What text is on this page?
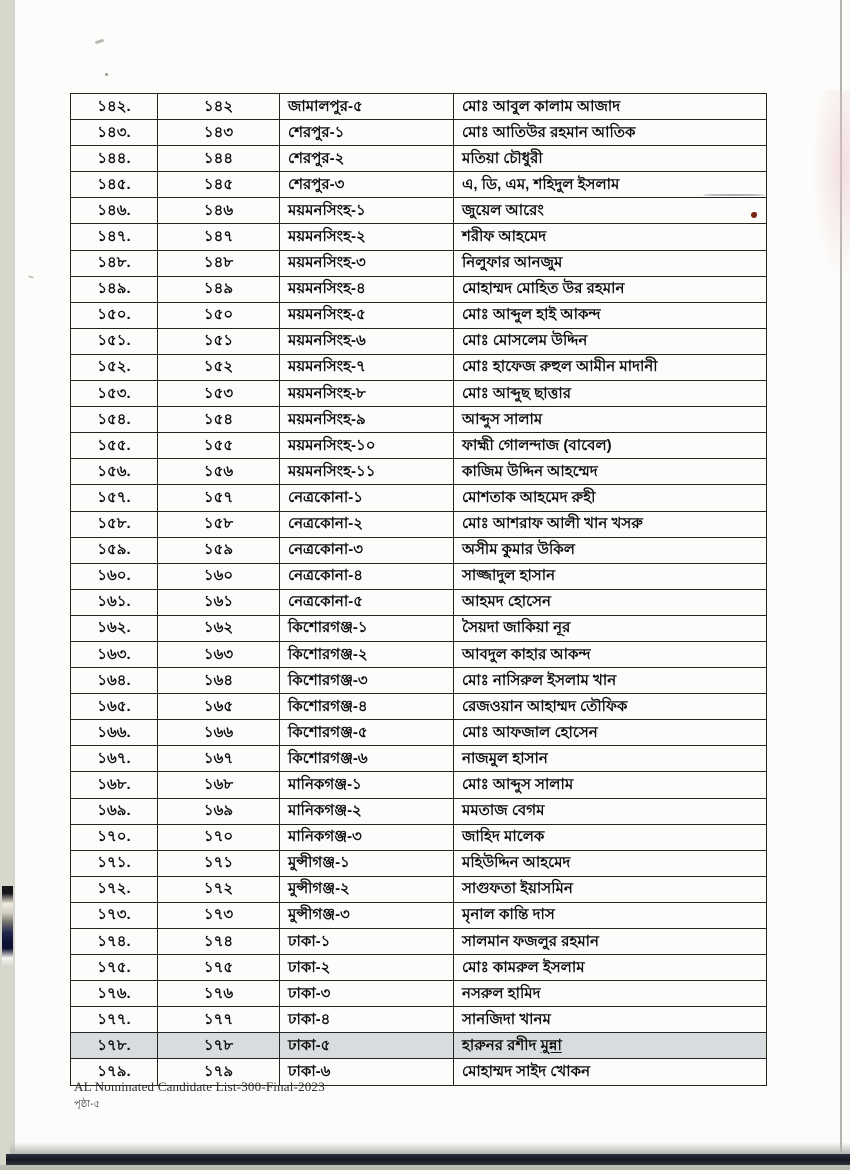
১৪২.	১৪২	জামালপুর-৫	মোঃ আবুল কালাম আজাদ
১৪৩.	১৪৩	শেরপুর-১	মোঃ আতিউর রহমান আতিক
১৪৪.	১৪৪	শেরপুর-২	মতিয়া চৌধুরী
১৪৫.	১৪৫	শেরপুর-৩	এ, ডি, এম, শহিদুল ইসলাম
১৪৬.	১৪৬	ময়মনসিংহ-১	জুয়েল আরেং
১৪৭.	১৪৭	ময়মনসিংহ-২	শরীফ আহমেদ
১৪৮.	১৪৮	ময়মনসিংহ-৩	নিলুফার আনজুম
১৪৯.	১৪৯	ময়মনসিংহ-৪	মোহাম্মদ মোহিত উর রহমান
১৫০.	১৫০	ময়মনসিংহ-৫	মোঃ আব্দুল হাই আকন্দ
১৫১.	১৫১	ময়মনসিংহ-৬	মোঃ মোসলেম উদ্দিন
১৫২.	১৫২	ময়মনসিংহ-৭	মোঃ হাফেজ রুহুল আমীন মাদানী
১৫৩.	১৫৩	ময়মনসিংহ-৮	মোঃ আব্দুছ ছাত্তার
১৫৪.	১৫৪	ময়মনসিংহ-৯	আব্দুস সালাম
১৫৫.	১৫৫	ময়মনসিংহ-১০	ফাহ্মী গোলন্দাজ (বাবেল)
১৫৬.	১৫৬	ময়মনসিংহ-১১	কাজিম উদ্দিন আহম্মেদ
১৫৭.	১৫৭	নেত্রকোনা-১	মোশতাক আহমেদ রুহী
১৫৮.	১৫৮	নেত্রকোনা-২	মোঃ আশরাফ আলী খান খসরু
১৫৯.	১৫৯	নেত্রকোনা-৩	অসীম কুমার উকিল
১৬০.	১৬০	নেত্রকোনা-৪	সাজ্জাদুল হাসান
১৬১.	১৬১	নেত্রকোনা-৫	আহমদ হোসেন
১৬২.	১৬২	কিশোরগঞ্জ-১	সৈয়দা জাকিয়া নূর
১৬৩.	১৬৩	কিশোরগঞ্জ-২	আবদুল কাহার আকন্দ
১৬৪.	১৬৪	কিশোরগঞ্জ-৩	মোঃ নাসিরুল ইসলাম খান
১৬৫.	১৬৫	কিশোরগঞ্জ-৪	রেজওয়ান আহাম্মদ তৌফিক
১৬৬.	১৬৬	কিশোরগঞ্জ-৫	মোঃ আফজাল হোসেন
১৬৭.	১৬৭	কিশোরগঞ্জ-৬	নাজমুল হাসান
১৬৮.	১৬৮	মানিকগঞ্জ-১	মোঃ আব্দুস সালাম
১৬৯.	১৬৯	মানিকগঞ্জ-২	মমতাজ বেগম
১৭০.	১৭০	মানিকগঞ্জ-৩	জাহিদ মালেক
১৭১.	১৭১	মুন্সীগঞ্জ-১	মহিউদ্দিন আহমেদ
১৭২.	১৭২	মুন্সীগঞ্জ-২	সাগুফতা ইয়াসমিন
১৭৩.	১৭৩	মুন্সীগঞ্জ-৩	মৃনাল কান্তি দাস
১৭৪.	১৭৪	ঢাকা-১	সালমান ফজলুর রহমান
১৭৫.	১৭৫	ঢাকা-২	মোঃ কামরুল ইসলাম
১৭৬.	১৭৬	ঢাকা-৩	নসরুল হামিদ
১৭৭.	১৭৭	ঢাকা-৪	সানজিদা খানম
১৭৮.	১৭৮	ঢাকা-৫	হারুনর রশীদ মুন্না
১৭৯.	১৭৯	ঢাকা-৬	মোহাম্মদ সাইদ খোকন
AL Nominated Candidate List-300-Final-2023
পৃষ্ঠা-৫
